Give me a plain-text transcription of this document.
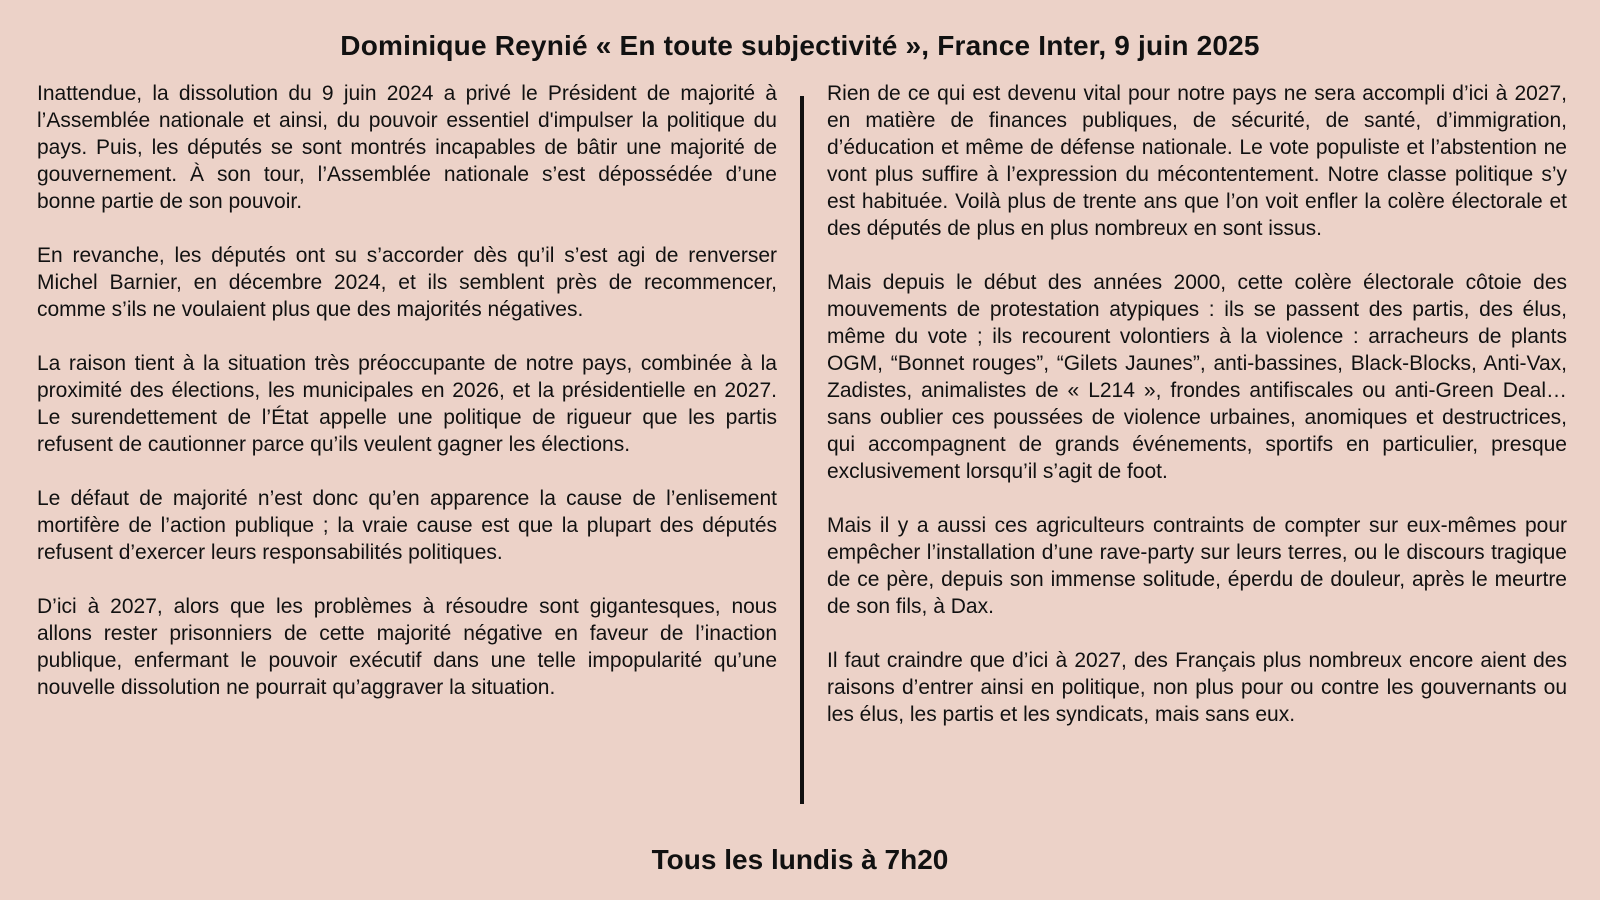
Dominique Reynié « En toute subjectivité », France Inter, 9 juin 2025

Inattendue, la dissolution du 9 juin 2024 a privé le Président de majorité à l’Assemblée nationale et ainsi, du pouvoir essentiel d'impulser la politique du pays. Puis, les députés se sont montrés incapables de bâtir une majorité de gouvernement. À son tour, l’Assemblée nationale s’est dépossédée d’une bonne partie de son pouvoir.

En revanche, les députés ont su s’accorder dès qu’il s’est agi de renverser Michel Barnier, en décembre 2024, et ils semblent près de recommencer, comme s’ils ne voulaient plus que des majorités négatives.

La raison tient à la situation très préoccupante de notre pays, combinée à la proximité des élections, les municipales en 2026, et la présidentielle en 2027. Le surendettement de l’État appelle une politique de rigueur que les partis refusent de cautionner parce qu’ils veulent gagner les élections.

Le défaut de majorité n’est donc qu’en apparence la cause de l’enlisement mortifère de l’action publique ; la vraie cause est que la plupart des députés refusent d’exercer leurs responsabilités politiques.

D’ici à 2027, alors que les problèmes à résoudre sont gigantesques, nous allons rester prisonniers de cette majorité négative en faveur de l’inaction publique, enfermant le pouvoir exécutif dans une telle impopularité qu’une nouvelle dissolution ne pourrait qu’aggraver la situation.

Rien de ce qui est devenu vital pour notre pays ne sera accompli d’ici à 2027, en matière de finances publiques, de sécurité, de santé, d’immigration, d’éducation et même de défense nationale. Le vote populiste et l’abstention ne vont plus suffire à l’expression du mécontentement. Notre classe politique s’y est habituée. Voilà plus de trente ans que l’on voit enfler la colère électorale et des députés de plus en plus nombreux en sont issus.

Mais depuis le début des années 2000, cette colère électorale côtoie des mouvements de protestation atypiques : ils se passent des partis, des élus, même du vote ; ils recourent volontiers à la violence : arracheurs de plants OGM, “Bonnet rouges”, “Gilets Jaunes”, anti-bassines, Black-Blocks, Anti-Vax, Zadistes, animalistes de « L214 », frondes antifiscales ou anti-Green Deal… sans oublier ces poussées de violence urbaines, anomiques et destructrices, qui accompagnent de grands événements, sportifs en particulier, presque exclusivement lorsqu’il s’agit de foot.

Mais il y a aussi ces agriculteurs contraints de compter sur eux-mêmes pour empêcher l’installation d’une rave-party sur leurs terres, ou le discours tragique de ce père, depuis son immense solitude, éperdu de douleur, après le meurtre de son fils, à Dax.

Il faut craindre que d’ici à 2027, des Français plus nombreux encore aient des raisons d’entrer ainsi en politique, non plus pour ou contre les gouvernants ou les élus, les partis et les syndicats, mais sans eux.

Tous les lundis à 7h20
